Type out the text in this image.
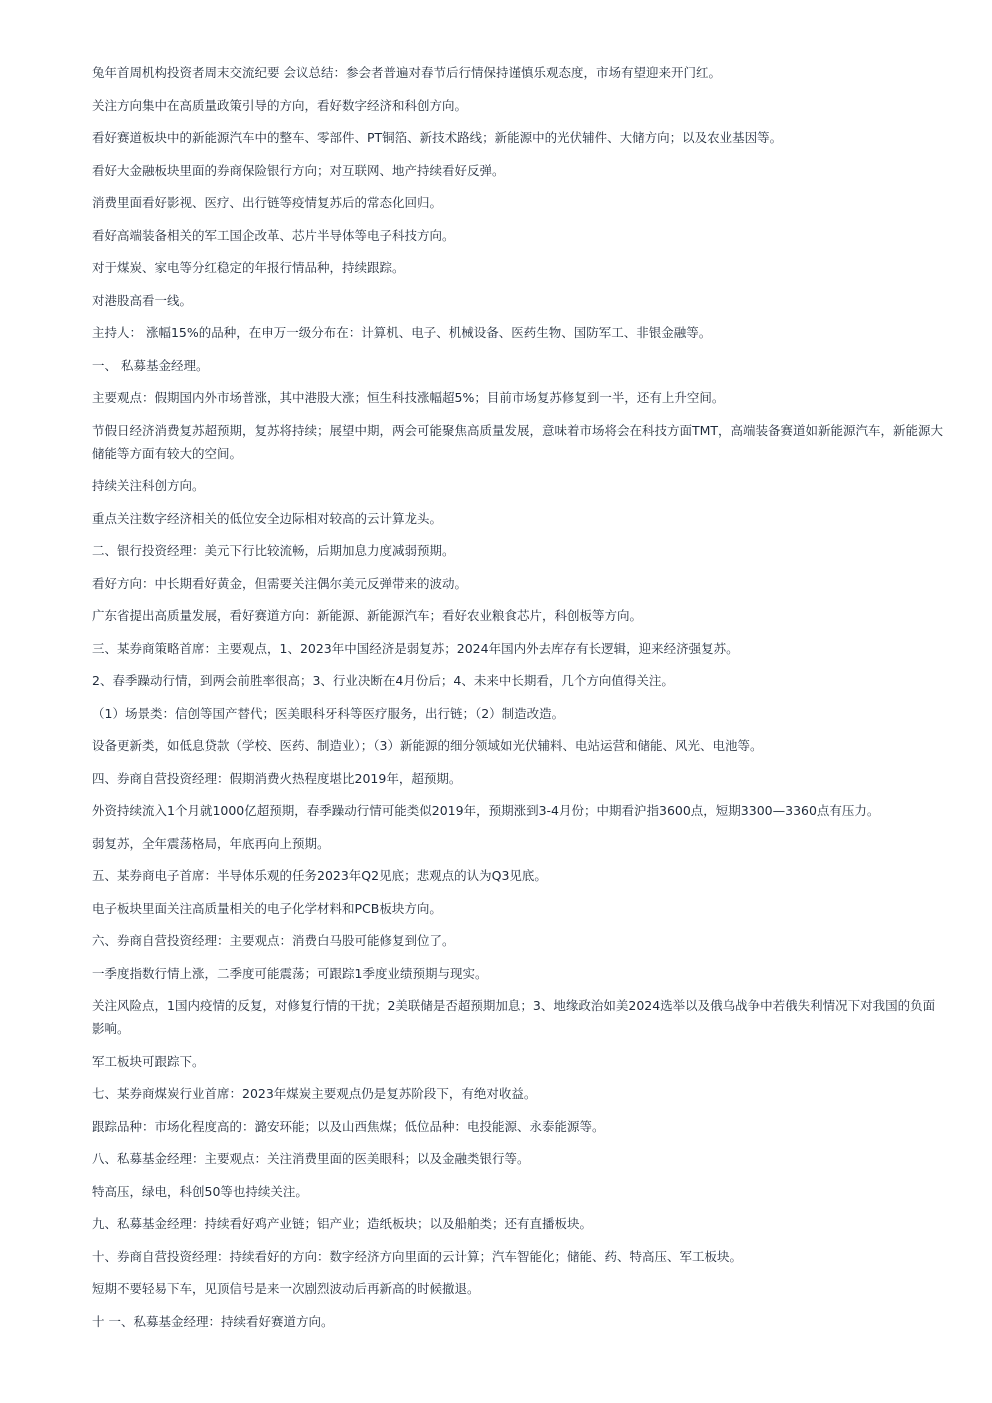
兔年首周机构投资者周末交流纪要 会议总结：参会者普遍对春节后行情保持谨慎乐观态度，市场有望迎来开门红。

关注方向集中在高质量政策引导的方向，看好数字经济和科创方向。

看好赛道板块中的新能源汽车中的整车、零部件、PT铜箔、新技术路线；新能源中的光伏辅件、大储方向；以及农业基因等。

看好大金融板块里面的券商保险银行方向；对互联网、地产持续看好反弹。

消费里面看好影视、医疗、出行链等疫情复苏后的常态化回归。

看好高端装备相关的军工国企改革、芯片半导体等电子科技方向。

对于煤炭、家电等分红稳定的年报行情品种，持续跟踪。

对港股高看一线。

主持人： 涨幅15%的品种，在申万一级分布在：计算机、电子、机械设备、医药生物、国防军工、非银金融等。

一、 私募基金经理。

主要观点：假期国内外市场普涨，其中港股大涨；恒生科技涨幅超5%；目前市场复苏修复到一半，还有上升空间。

节假日经济消费复苏超预期，复苏将持续；展望中期，两会可能聚焦高质量发展，意味着市场将会在科技方面TMT，高端装备赛道如新能源汽车，新能源大储能等方面有较大的空间。

持续关注科创方向。

重点关注数字经济相关的低位安全边际相对较高的云计算龙头。

二、银行投资经理：美元下行比较流畅，后期加息力度减弱预期。

看好方向：中长期看好黄金，但需要关注偶尔美元反弹带来的波动。

广东省提出高质量发展，看好赛道方向：新能源、新能源汽车；看好农业粮食芯片，科创板等方向。

三、某券商策略首席：主要观点，1、2023年中国经济是弱复苏；2024年国内外去库存有长逻辑，迎来经济强复苏。

2、春季躁动行情，到两会前胜率很高；3、行业决断在4月份后；4、未来中长期看，几个方向值得关注。

（1）场景类：信创等国产替代；医美眼科牙科等医疗服务，出行链；（2）制造改造。

设备更新类，如低息贷款（学校、医药、制造业）；（3）新能源的细分领域如光伏辅料、电站运营和储能、风光、电池等。

四、券商自营投资经理：假期消费火热程度堪比2019年，超预期。

外资持续流入1个月就1000亿超预期，春季躁动行情可能类似2019年，预期涨到3-4月份；中期看沪指3600点，短期3300—3360点有压力。

弱复苏，全年震荡格局，年底再向上预期。

五、某券商电子首席：半导体乐观的任务2023年Q2见底；悲观点的认为Q3见底。

电子板块里面关注高质量相关的电子化学材料和PCB板块方向。

六、券商自营投资经理：主要观点：消费白马股可能修复到位了。

一季度指数行情上涨，二季度可能震荡；可跟踪1季度业绩预期与现实。

关注风险点，1国内疫情的反复，对修复行情的干扰；2美联储是否超预期加息；3、地缘政治如美2024选举以及俄乌战争中若俄失利情况下对我国的负面影响。

军工板块可跟踪下。

七、某券商煤炭行业首席：2023年煤炭主要观点仍是复苏阶段下，有绝对收益。

跟踪品种：市场化程度高的：潞安环能；以及山西焦煤；低位品种：电投能源、永泰能源等。

八、私募基金经理：主要观点：关注消费里面的医美眼科；以及金融类银行等。

特高压，绿电，科创50等也持续关注。

九、私募基金经理：持续看好鸡产业链；铝产业；造纸板块；以及船舶类；还有直播板块。

十、券商自营投资经理：持续看好的方向：数字经济方向里面的云计算；汽车智能化；储能、药、特高压、军工板块。

短期不要轻易下车，见顶信号是来一次剧烈波动后再新高的时候撤退。

十 一、私募基金经理：持续看好赛道方向。
